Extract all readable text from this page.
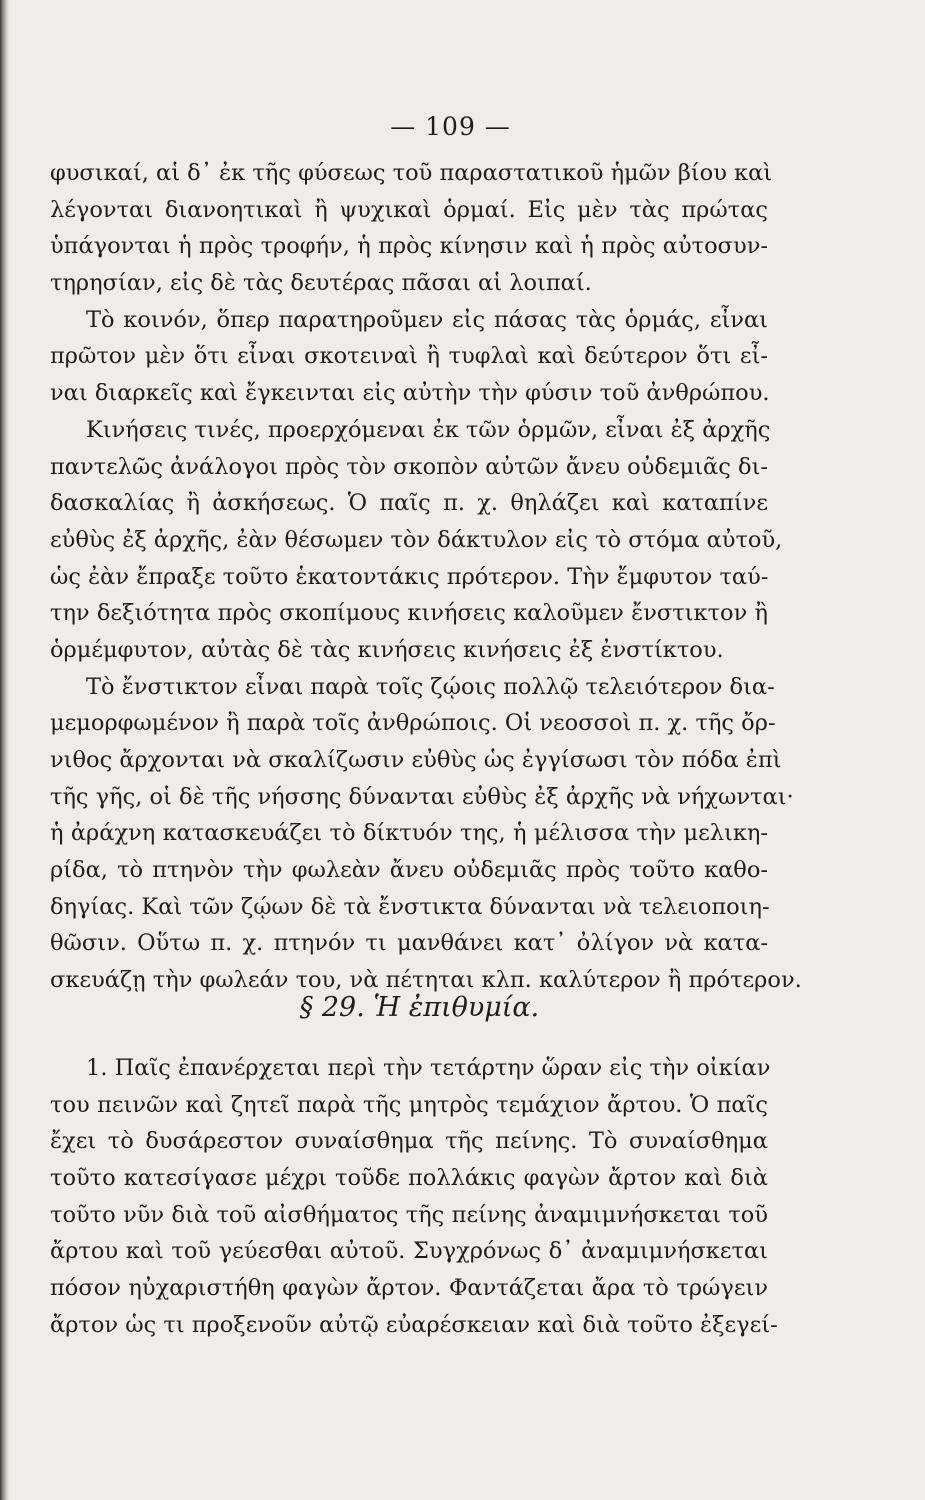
— 109 —
φυσικαί, αἱ δ᾽ ἐκ τῆς φύσεως τοῦ παραστατικοῦ ἡμῶν βίου καὶ
λέγονται διανοητικαὶ ἢ ψυχικαὶ ὁρμαί. Εἰς μὲν τὰς πρώτας
ὑπάγονται ἡ πρὸς τροφήν, ἡ πρὸς κίνησιν καὶ ἡ πρὸς αὐτοσυν-
τηρησίαν, εἰς δὲ τὰς δευτέρας πᾶσαι αἱ λοιπαί.
Τὸ κοινόν, ὅπερ παρατηροῦμεν εἰς πάσας τὰς ὁρμάς, εἶναι
πρῶτον μὲν ὅτι εἶναι σκοτειναὶ ἢ τυφλαὶ καὶ δεύτερον ὅτι εἶ-
ναι διαρκεῖς καὶ ἔγκεινται εἰς αὐτὴν τὴν φύσιν τοῦ ἀνθρώπου.
Κινήσεις τινές, προερχόμεναι ἐκ τῶν ὁρμῶν, εἶναι ἐξ ἀρχῆς
παντελῶς ἀνάλογοι πρὸς τὸν σκοπὸν αὐτῶν ἄνευ οὐδεμιᾶς δι-
δασκαλίας ἢ ἀσκήσεως. Ὁ παῖς π. χ. θηλάζει καὶ καταπίνε
εὐθὺς ἐξ ἀρχῆς, ἐὰν θέσωμεν τὸν δάκτυλον εἰς τὸ στόμα αὐτοῦ,
ὡς ἐὰν ἔπραξε τοῦτο ἑκατοντάκις πρότερον. Τὴν ἔμφυτον ταύ-
την δεξιότητα πρὸς σκοπίμους κινήσεις καλοῦμεν ἔνστικτον ἢ
ὁρμέμφυτον, αὐτὰς δὲ τὰς κινήσεις κινήσεις ἐξ ἐνστίκτου.
Τὸ ἔνστικτον εἶναι παρὰ τοῖς ζῴοις πολλῷ τελειότερον δια-
μεμορφωμένον ἢ παρὰ τοῖς ἀνθρώποις. Οἱ νεοσσοὶ π. χ. τῆς ὄρ-
νιθος ἄρχονται νὰ σκαλίζωσιν εὐθὺς ὡς ἐγγίσωσι τὸν πόδα ἐπὶ
τῆς γῆς, οἱ δὲ τῆς νήσσης δύνανται εὐθὺς ἐξ ἀρχῆς νὰ νήχωνται·
ἡ ἀράχνη κατασκευάζει τὸ δίκτυόν της, ἡ μέλισσα τὴν μελικη-
ρίδα, τὸ πτηνὸν τὴν φωλεὰν ἄνευ οὐδεμιᾶς πρὸς τοῦτο καθο-
δηγίας. Καὶ τῶν ζῴων δὲ τὰ ἔνστικτα δύνανται νὰ τελειοποιη-
θῶσιν. Οὕτω π. χ. πτηνόν τι μανθάνει κατ᾽ ὀλίγον νὰ κατα-
σκευάζῃ τὴν φωλεάν του, νὰ πέτηται κλπ. καλύτερον ἢ πρότερον.
§ 29. Ἡ ἐπιθυμία.
1. Παῖς ἐπανέρχεται περὶ τὴν τετάρτην ὥραν εἰς τὴν οἰκίαν
του πεινῶν καὶ ζητεῖ παρὰ τῆς μητρὸς τεμάχιον ἄρτου. Ὁ παῖς
ἔχει τὸ δυσάρεστον συναίσθημα τῆς πείνης. Τὸ συναίσθημα
τοῦτο κατεσίγασε μέχρι τοῦδε πολλάκις φαγὼν ἄρτον καὶ διὰ
τοῦτο νῦν διὰ τοῦ αἰσθήματος τῆς πείνης ἀναμιμνήσκεται τοῦ
ἄρτου καὶ τοῦ γεύεσθαι αὐτοῦ. Συγχρόνως δ᾽ ἀναμιμνήσκεται
πόσον ηὐχαριστήθη φαγὼν ἄρτον. Φαντάζεται ἄρα τὸ τρώγειν
ἄρτον ὡς τι προξενοῦν αὐτῷ εὐαρέσκειαν καὶ διὰ τοῦτο ἐξεγεί-
